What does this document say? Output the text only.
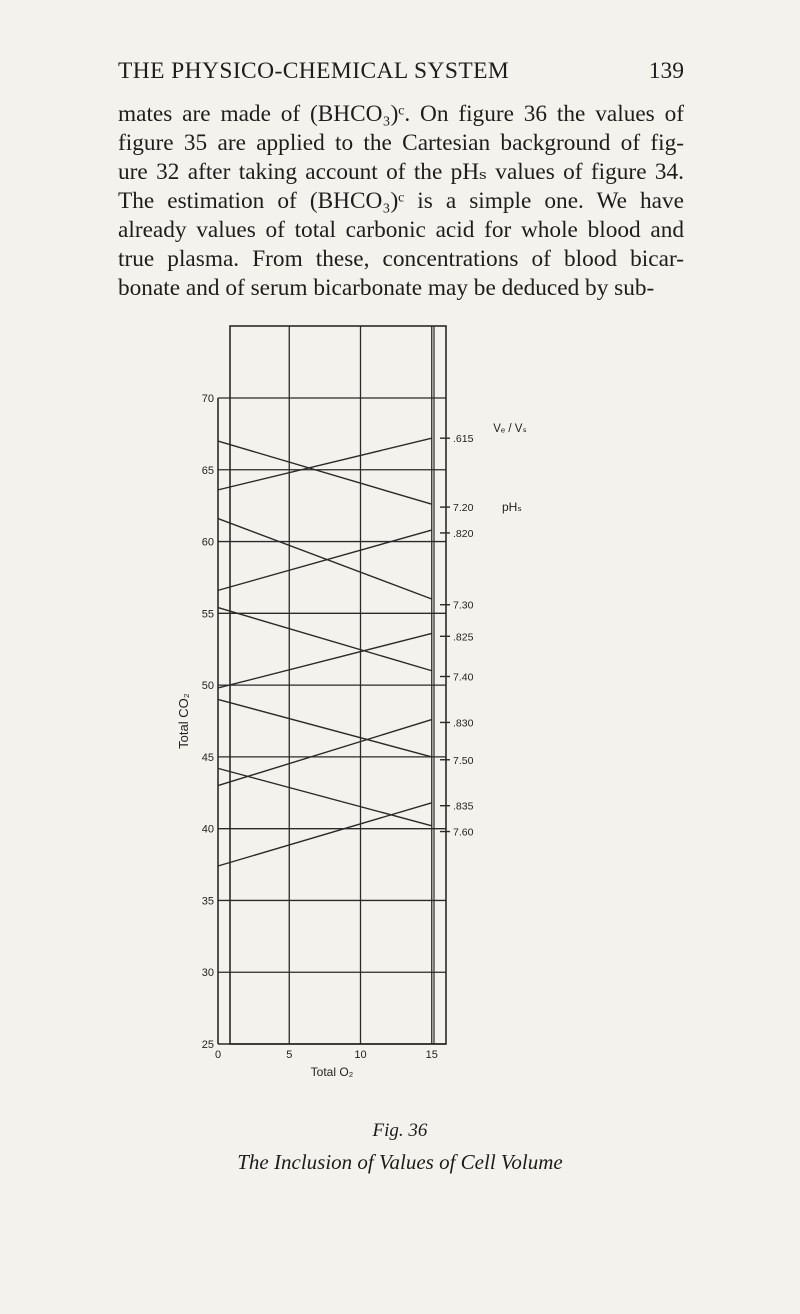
THE PHYSICO-CHEMICAL SYSTEM	139
mates are made of (BHCO₃)ᶜ. On figure 36 the values of
figure 35 are applied to the Cartesian background of fig-
ure 32 after taking account of the pHₛ values of figure 34.
The estimation of (BHCO₃)ᶜ is a simple one. We have
already values of total carbonic acid for whole blood and
true plasma. From these, concentrations of blood bicar-
bonate and of serum bicarbonate may be deduced by sub-
70
65
60
55
50
45
40
35
30
25
0	5	10	15
Total O₂
Total CO₂
.615
7.20
.820
7.30
.825
7.40
.830
7.50
.835
7.60
Vₑ / Vₛ
pHₛ
Fig. 36
The Inclusion of Values of Cell Volume
